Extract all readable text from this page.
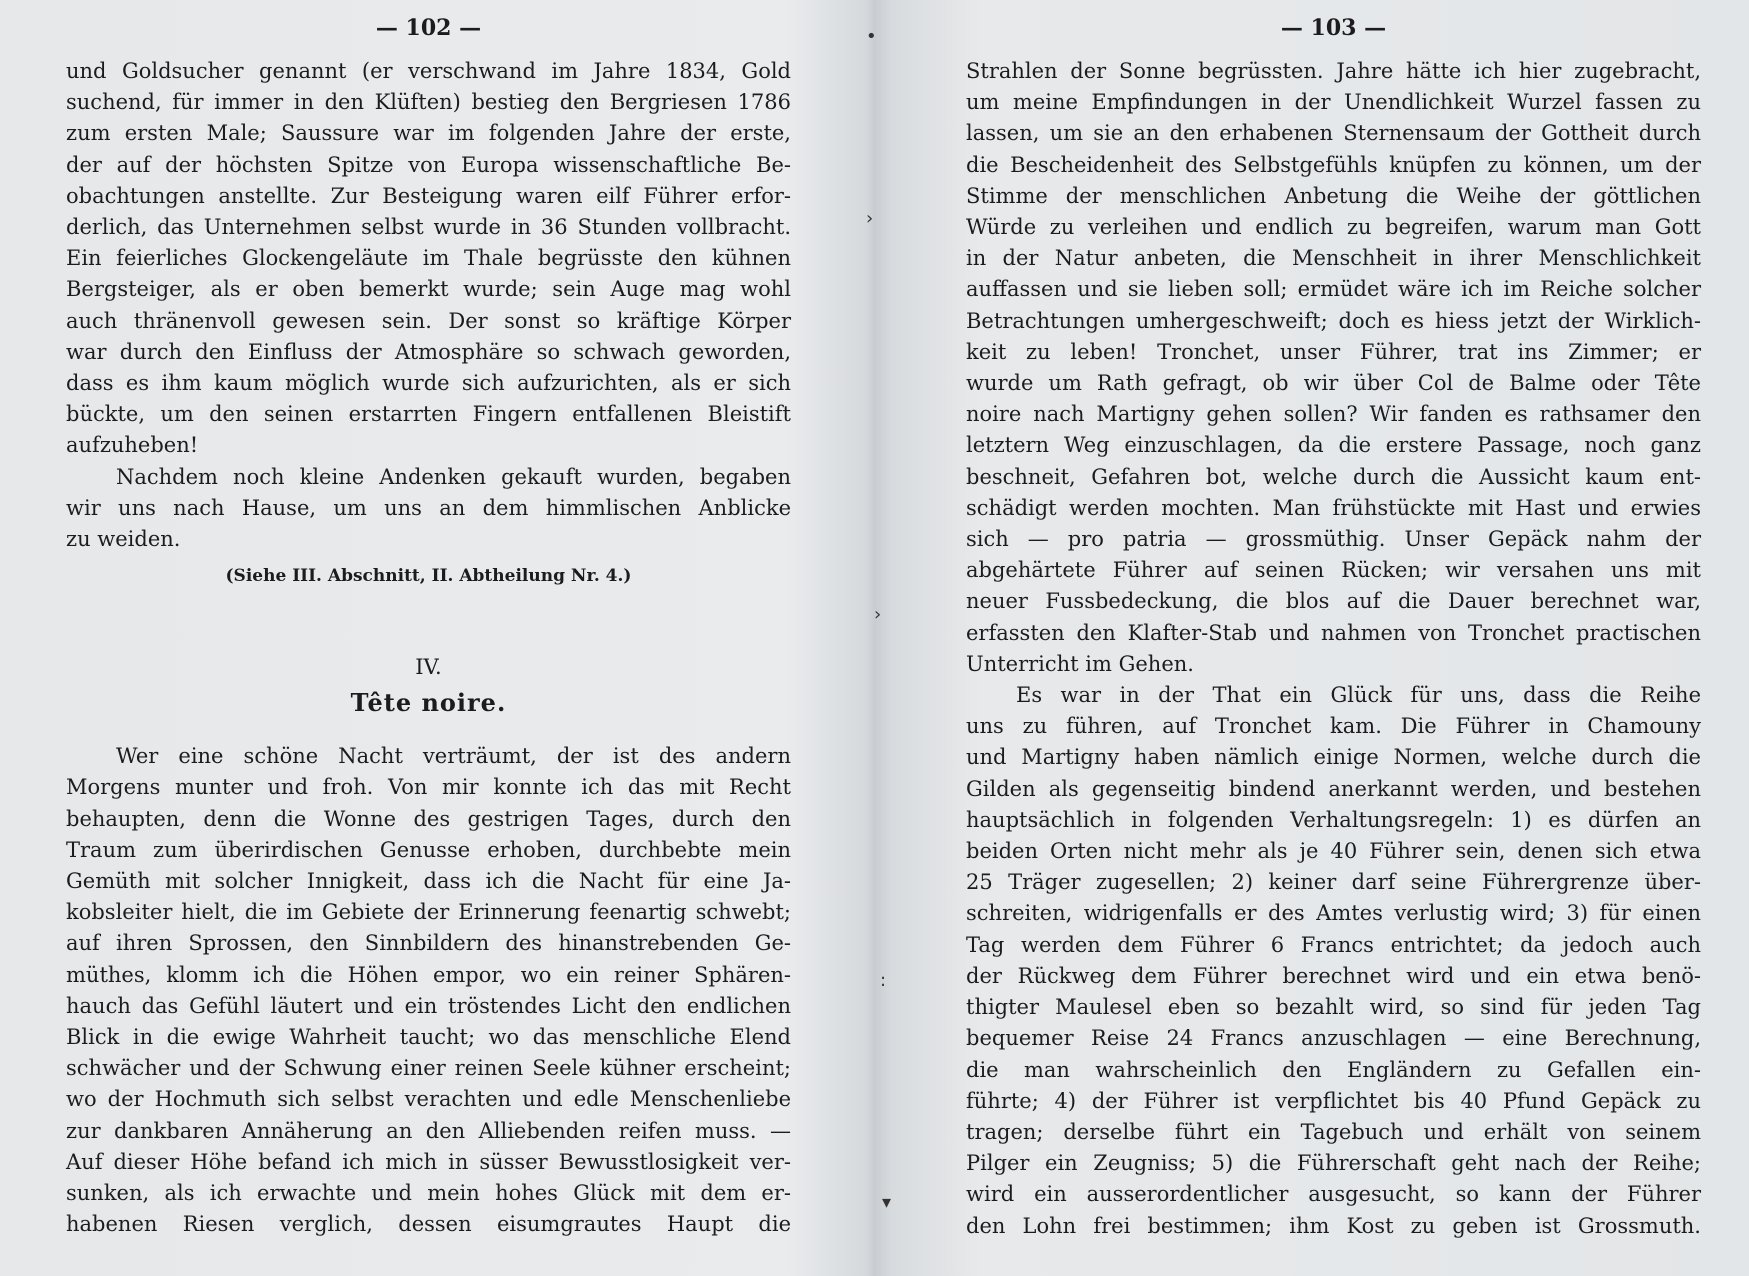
— 102 —
und Goldsucher genannt (er verschwand im Jahre 1834, Gold
suchend, für immer in den Klüften) bestieg den Bergriesen 1786
zum ersten Male; Saussure war im folgenden Jahre der erste,
der auf der höchsten Spitze von Europa wissenschaftliche Be-
obachtungen anstellte. Zur Besteigung waren eilf Führer erfor-
derlich, das Unternehmen selbst wurde in 36 Stunden vollbracht.
Ein feierliches Glockengeläute im Thale begrüsste den kühnen
Bergsteiger, als er oben bemerkt wurde; sein Auge mag wohl
auch thränenvoll gewesen sein. Der sonst so kräftige Körper
war durch den Einfluss der Atmosphäre so schwach geworden,
dass es ihm kaum möglich wurde sich aufzurichten, als er sich
bückte, um den seinen erstarrten Fingern entfallenen Bleistift
aufzuheben!
Nachdem noch kleine Andenken gekauft wurden, begaben
wir uns nach Hause, um uns an dem himmlischen Anblicke
zu weiden.
(Siehe III. Abschnitt, II. Abtheilung Nr. 4.)
IV.
Tête noire.
Wer eine schöne Nacht verträumt, der ist des andern
Morgens munter und froh. Von mir konnte ich das mit Recht
behaupten, denn die Wonne des gestrigen Tages, durch den
Traum zum überirdischen Genusse erhoben, durchbebte mein
Gemüth mit solcher Innigkeit, dass ich die Nacht für eine Ja-
kobsleiter hielt, die im Gebiete der Erinnerung feenartig schwebt;
auf ihren Sprossen, den Sinnbildern des hinanstrebenden Ge-
müthes, klomm ich die Höhen empor, wo ein reiner Sphären-
hauch das Gefühl läutert und ein tröstendes Licht den endlichen
Blick in die ewige Wahrheit taucht; wo das menschliche Elend
schwächer und der Schwung einer reinen Seele kühner erscheint;
wo der Hochmuth sich selbst verachten und edle Menschenliebe
zur dankbaren Annäherung an den Alliebenden reifen muss. —
Auf dieser Höhe befand ich mich in süsser Bewusstlosigkeit ver-
sunken, als ich erwachte und mein hohes Glück mit dem er-
habenen Riesen verglich, dessen eisumgrautes Haupt die
•
›
›
:
▾
— 103 —
Strahlen der Sonne begrüssten. Jahre hätte ich hier zugebracht,
um meine Empfindungen in der Unendlichkeit Wurzel fassen zu
lassen, um sie an den erhabenen Sternensaum der Gottheit durch
die Bescheidenheit des Selbstgefühls knüpfen zu können, um der
Stimme der menschlichen Anbetung die Weihe der göttlichen
Würde zu verleihen und endlich zu begreifen, warum man Gott
in der Natur anbeten, die Menschheit in ihrer Menschlichkeit
auffassen und sie lieben soll; ermüdet wäre ich im Reiche solcher
Betrachtungen umhergeschweift; doch es hiess jetzt der Wirklich-
keit zu leben! Tronchet, unser Führer, trat ins Zimmer; er
wurde um Rath gefragt, ob wir über Col de Balme oder Tête
noire nach Martigny gehen sollen? Wir fanden es rathsamer den
letztern Weg einzuschlagen, da die erstere Passage, noch ganz
beschneit, Gefahren bot, welche durch die Aussicht kaum ent-
schädigt werden mochten. Man frühstückte mit Hast und erwies
sich — pro patria — grossmüthig. Unser Gepäck nahm der
abgehärtete Führer auf seinen Rücken; wir versahen uns mit
neuer Fussbedeckung, die blos auf die Dauer berechnet war,
erfassten den Klafter-Stab und nahmen von Tronchet practischen
Unterricht im Gehen.
Es war in der That ein Glück für uns, dass die Reihe
uns zu führen, auf Tronchet kam. Die Führer in Chamouny
und Martigny haben nämlich einige Normen, welche durch die
Gilden als gegenseitig bindend anerkannt werden, und bestehen
hauptsächlich in folgenden Verhaltungsregeln: 1) es dürfen an
beiden Orten nicht mehr als je 40 Führer sein, denen sich etwa
25 Träger zugesellen; 2) keiner darf seine Führergrenze über-
schreiten, widrigenfalls er des Amtes verlustig wird; 3) für einen
Tag werden dem Führer 6 Francs entrichtet; da jedoch auch
der Rückweg dem Führer berechnet wird und ein etwa benö-
thigter Maulesel eben so bezahlt wird, so sind für jeden Tag
bequemer Reise 24 Francs anzuschlagen — eine Berechnung,
die man wahrscheinlich den Engländern zu Gefallen ein-
führte; 4) der Führer ist verpflichtet bis 40 Pfund Gepäck zu
tragen; derselbe führt ein Tagebuch und erhält von seinem
Pilger ein Zeugniss; 5) die Führerschaft geht nach der Reihe;
wird ein ausserordentlicher ausgesucht, so kann der Führer
den Lohn frei bestimmen; ihm Kost zu geben ist Grossmuth.
